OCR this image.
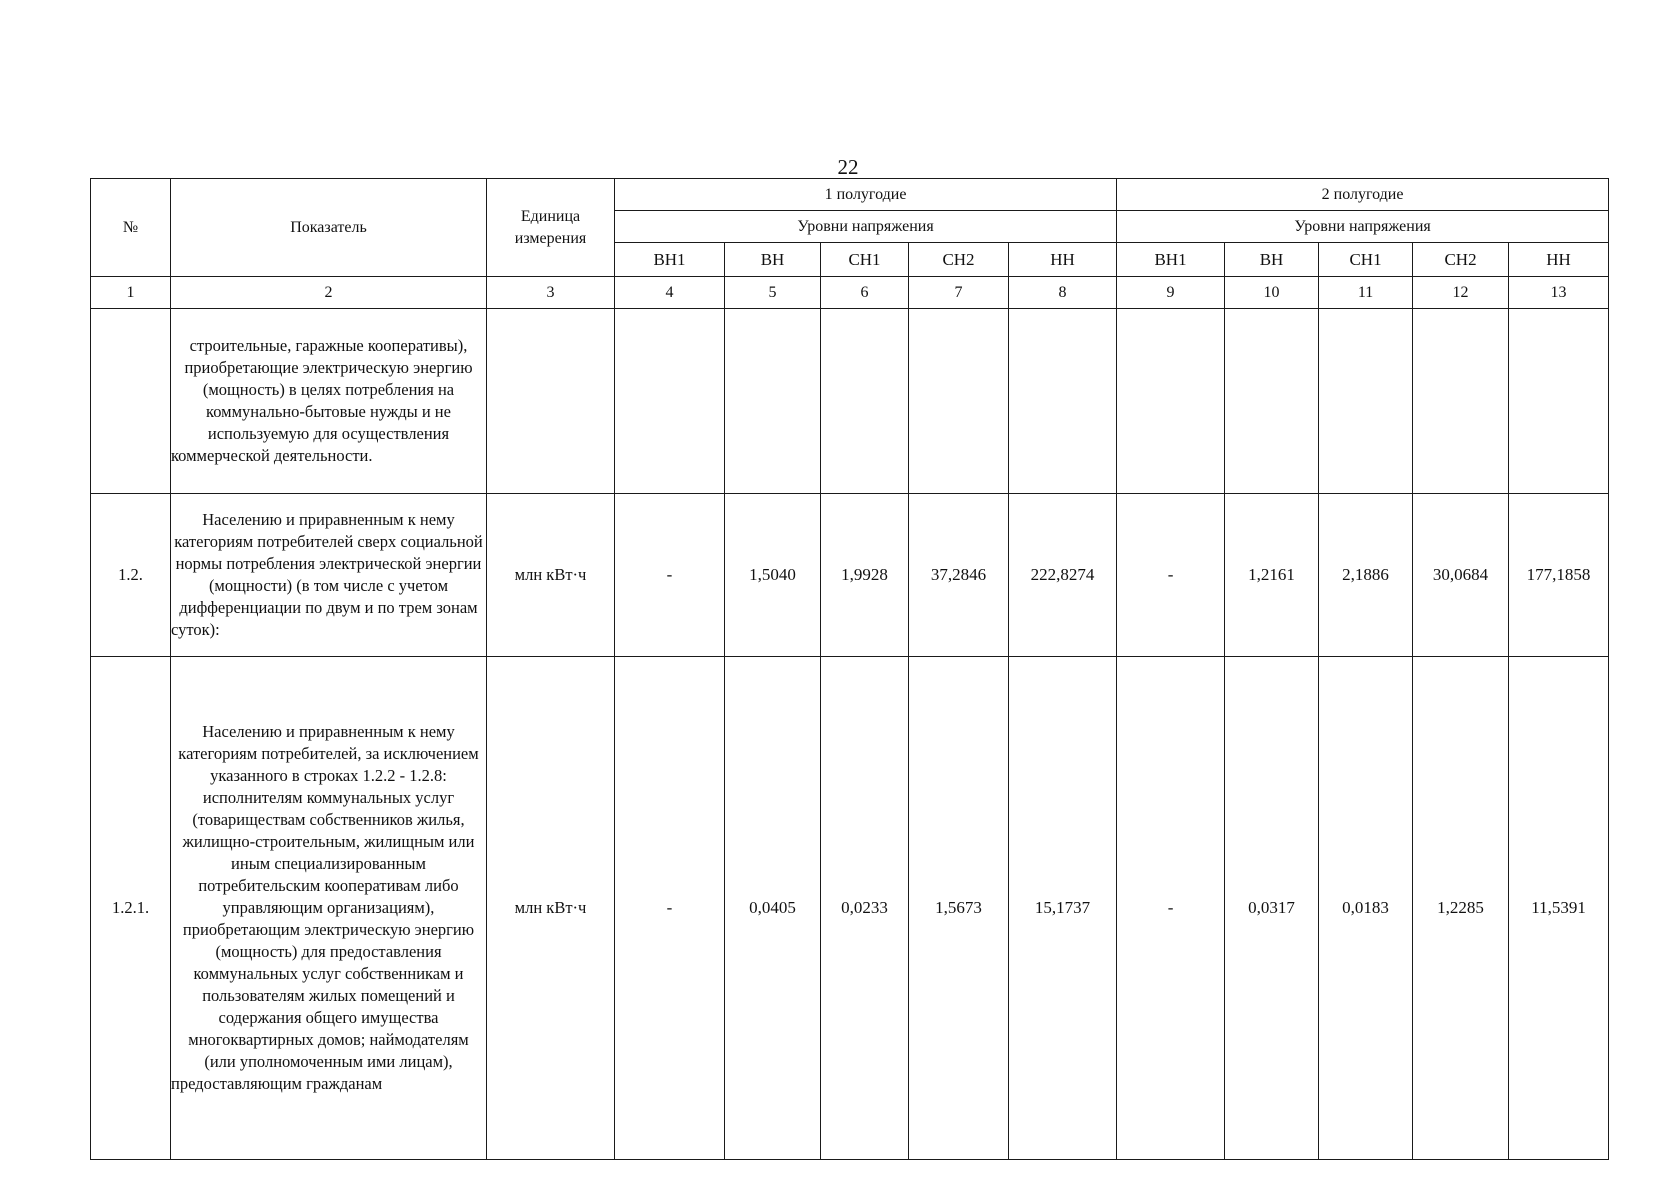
22
№	Показатель	Единица измерения	1 полугодие					2 полугодие				
			Уровни напряжения					Уровни напряжения				
			ВН1	ВН	СН1	СН2	НН	ВН1	ВН	СН1	СН2	НН
1	2	3	4	5	6	7	8	9	10	11	12	13
	строительные, гаражные кооперативы), приобретающие электрическую энергию (мощность) в целях потребления на коммунально-бытовые нужды и не используемую для осуществления коммерческой деятельности.											
1.2.	Населению и приравненным к нему категориям потребителей сверх социальной нормы потребления электрической энергии (мощности) (в том числе с учетом дифференциации по двум и по трем зонам суток):	млн кВт·ч	-	1,5040	1,9928	37,2846	222,8274	-	1,2161	2,1886	30,0684	177,1858
1.2.1.	Населению и приравненным к нему категориям потребителей, за исключением указанного в строках 1.2.2 - 1.2.8: исполнителям коммунальных услуг (товариществам собственников жилья, жилищно-строительным, жилищным или иным специализированным потребительским кооперативам либо управляющим организациям), приобретающим электрическую энергию (мощность) для предоставления коммунальных услуг собственникам и пользователям жилых помещений и содержания общего имущества многоквартирных домов; наймодателям (или уполномоченным ими лицам), предоставляющим гражданам	млн кВт·ч	-	0,0405	0,0233	1,5673	15,1737	-	0,0317	0,0183	1,2285	11,5391
